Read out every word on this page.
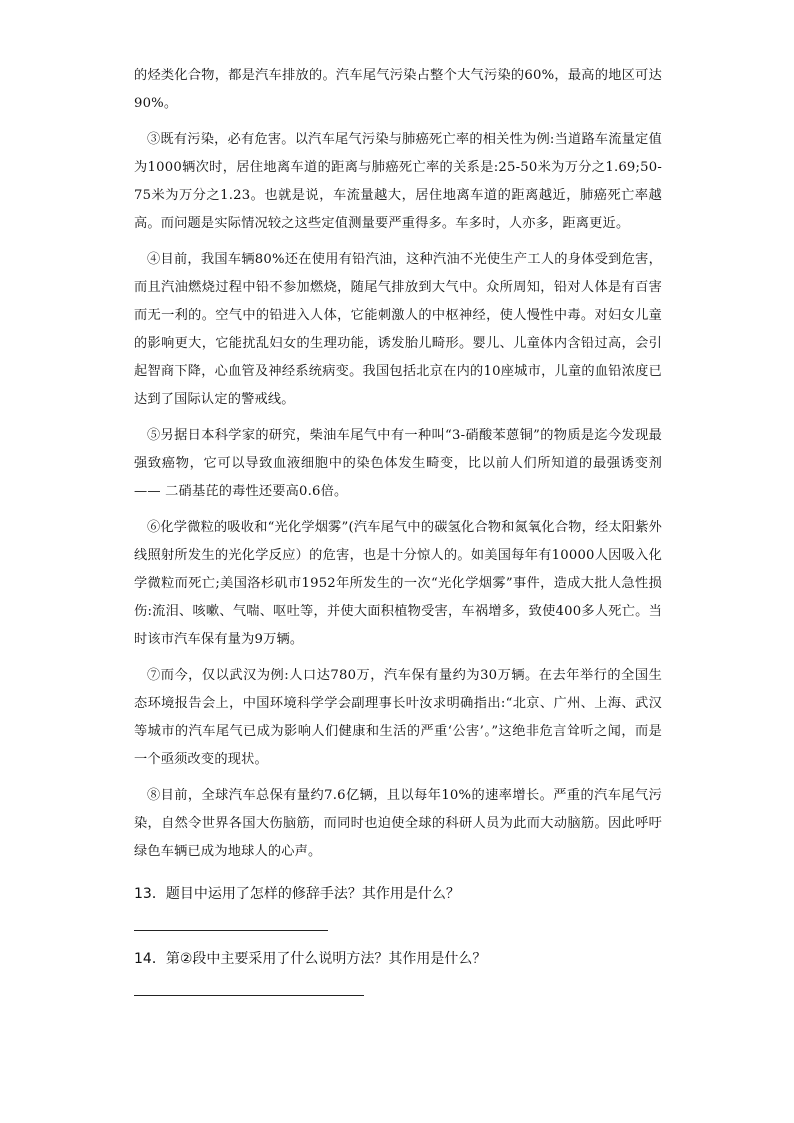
的烃类化合物，都是汽车排放的。汽车尾气污染占整个大气污染的60%，最高的地区可达90%。

③既有污染，必有危害。以汽车尾气污染与肺癌死亡率的相关性为例:当道路车流量定值为1000辆次时，居住地离车道的距离与肺癌死亡率的关系是:25-50米为万分之1.69;50-75米为万分之1.23。也就是说，车流量越大，居住地离车道的距离越近，肺癌死亡率越高。而问题是实际情况较之这些定值测量要严重得多。车多时，人亦多，距离更近。

④目前，我国车辆80%还在使用有铅汽油，这种汽油不光使生产工人的身体受到危害，而且汽油燃烧过程中铅不参加燃烧，随尾气排放到大气中。众所周知，铅对人体是有百害而无一利的。空气中的铅进入人体，它能刺激人的中枢神经，使人慢性中毒。对妇女儿童的影响更大，它能扰乱妇女的生理功能，诱发胎儿畸形。婴儿、儿童体内含铅过高，会引起智商下降，心血管及神经系统病变。我国包括北京在内的10座城市，儿童的血铅浓度已达到了国际认定的警戒线。

⑤另据日本科学家的研究，柴油车尾气中有一种叫“3-硝酸苯蒽铜”的物质是迄今发现最强致癌物，它可以导致血液细胞中的染色体发生畸变，比以前人们所知道的最强诱变剂—— 二硝基芘的毒性还要高0.6倍。

⑥化学微粒的吸收和“光化学烟雾”(汽车尾气中的碳氢化合物和氮氧化合物，经太阳紫外线照射所发生的光化学反应）的危害，也是十分惊人的。如美国每年有10000人因吸入化学微粒而死亡;美国洛杉矶市1952年所发生的一次“光化学烟雾”事件，造成大批人急性损伤:流泪、咳嗽、气喘、呕吐等，并使大面积植物受害，车祸增多，致使400多人死亡。当时该市汽车保有量为9万辆。

⑦而今，仅以武汉为例:人口达780万，汽车保有量约为30万辆。在去年举行的全国生态环境报告会上，中国环境科学学会副理事长叶汝求明确指出:“北京、广州、上海、武汉等城市的汽车尾气已成为影响人们健康和生活的严重‘公害’。”这绝非危言耸听之闻，而是一个亟须改变的现状。

⑧目前，全球汽车总保有量约7.6亿辆，且以每年10%的速率增长。严重的汽车尾气污染，自然令世界各国大伤脑筋，而同时也迫使全球的科研人员为此而大动脑筋。因此呼吁绿色车辆已成为地球人的心声。

13．题目中运用了怎样的修辞手法？其作用是什么？
14．第②段中主要采用了什么说明方法？其作用是什么？
